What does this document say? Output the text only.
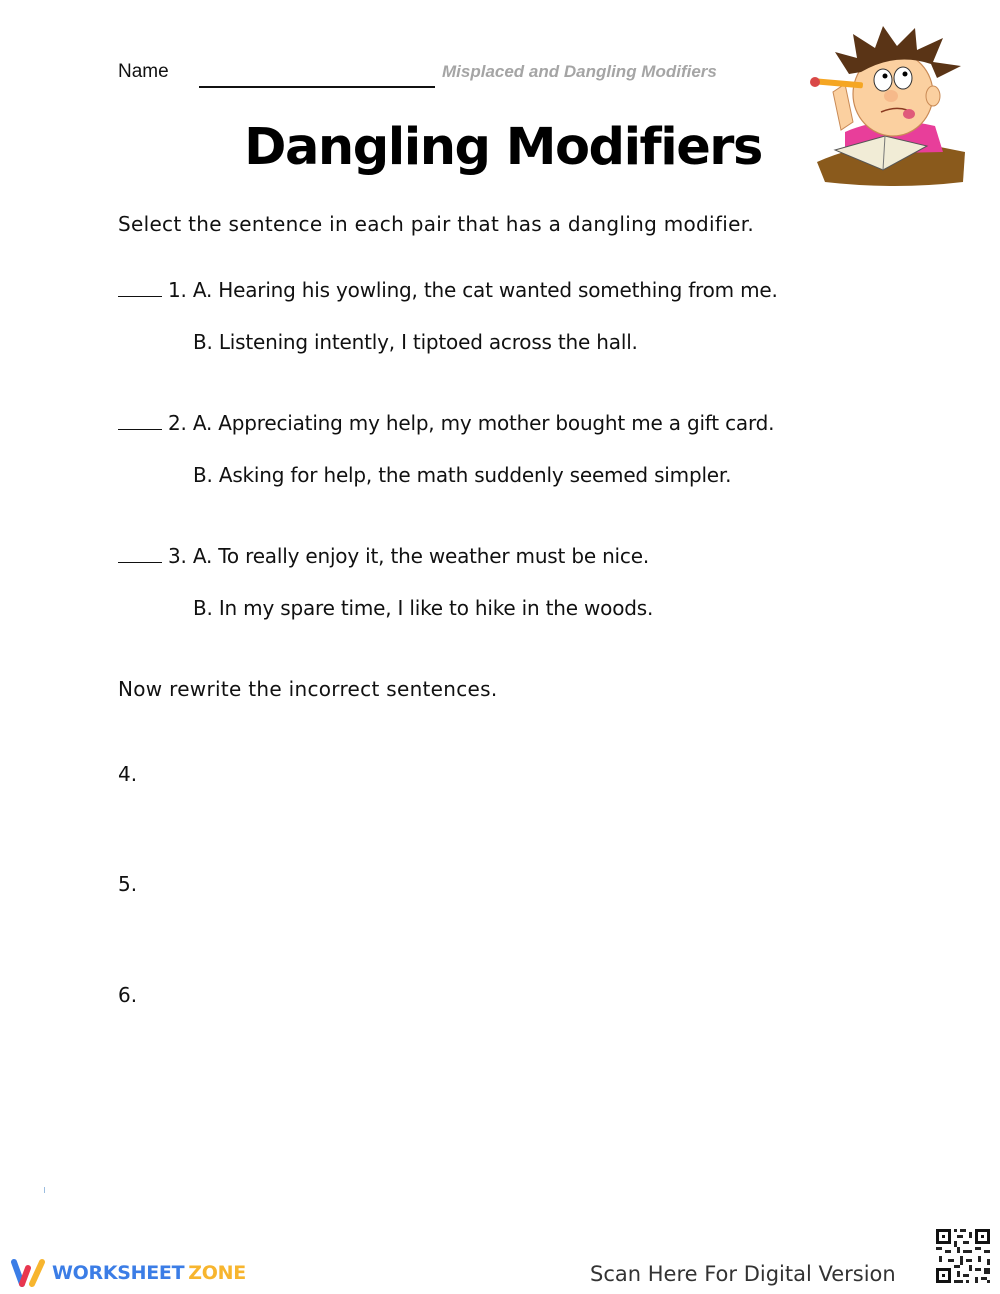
Name	Misplaced and Dangling Modifiers
Dangling Modifiers
Select the sentence in each pair that has a dangling modifier.
1. A. Hearing his yowling, the cat wanted something from me.
B. Listening intently, I tiptoed across the hall.
2. A. Appreciating my help, my mother bought me a gift card.
B. Asking for help, the math suddenly seemed simpler.
3. A. To really enjoy it, the weather must be nice.
B. In my spare time, I like to hike in the woods.
Now rewrite the incorrect sentences.
4.
5.
6.
WORKSHEET ZONE	Scan Here For Digital Version
